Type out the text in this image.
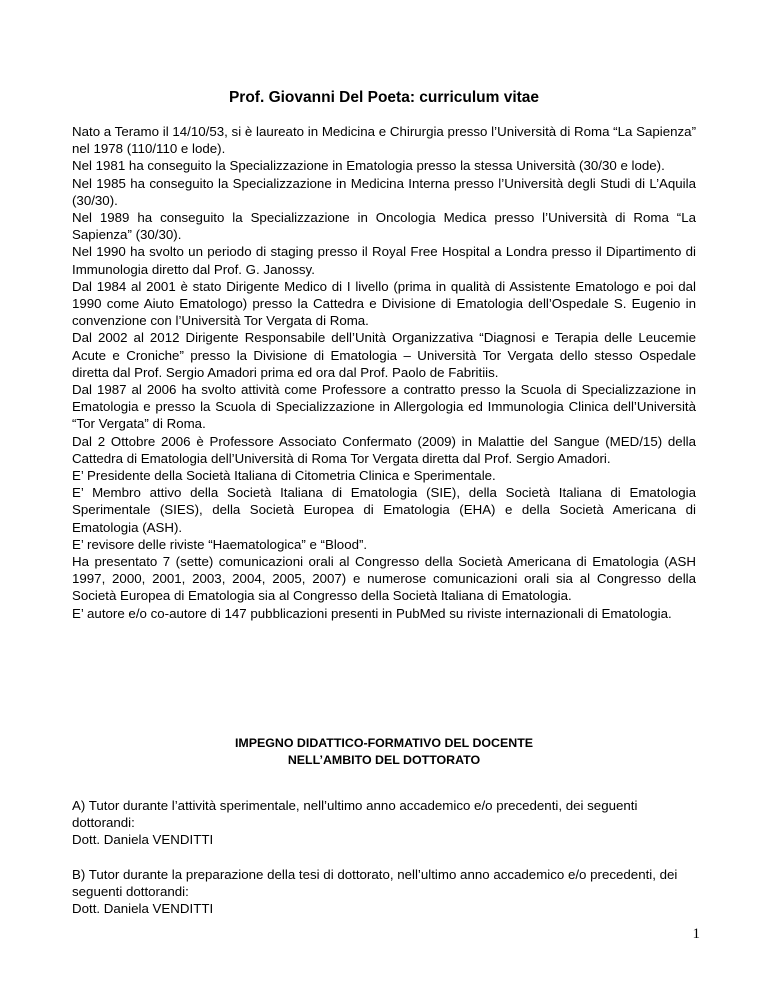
Prof. Giovanni Del Poeta: curriculum vitae

Nato a Teramo il 14/10/53, si è laureato in Medicina e Chirurgia presso l’Università di Roma “La Sapienza” nel 1978 (110/110 e lode).

Nel 1981 ha conseguito la Specializzazione in Ematologia presso la stessa Università (30/30 e lode).

Nel 1985 ha conseguito la Specializzazione in Medicina Interna presso l’Università degli Studi di L’Aquila (30/30).

Nel 1989 ha conseguito la Specializzazione in Oncologia Medica presso l’Università di Roma “La Sapienza” (30/30).

Nel 1990 ha svolto un periodo di staging presso il Royal Free Hospital a Londra presso il Dipartimento di Immunologia diretto dal Prof. G. Janossy.

Dal 1984 al 2001 è stato Dirigente Medico di I livello (prima in qualità di Assistente Ematologo e poi dal 1990 come Aiuto Ematologo) presso la Cattedra e Divisione di Ematologia dell’Ospedale S. Eugenio in convenzione con l’Università Tor Vergata di Roma.

Dal 2002 al 2012 Dirigente Responsabile dell’Unità Organizzativa “Diagnosi e Terapia delle Leucemie Acute e Croniche” presso la Divisione di Ematologia – Università Tor Vergata dello stesso Ospedale diretta dal Prof. Sergio Amadori prima ed ora dal Prof. Paolo de Fabritiis.

Dal 1987 al 2006 ha svolto attività come Professore a contratto presso la Scuola di Specializzazione in Ematologia e presso la Scuola di Specializzazione in Allergologia ed Immunologia Clinica dell’Università “Tor Vergata” di Roma.

Dal 2 Ottobre 2006 è Professore Associato Confermato (2009) in Malattie del Sangue (MED/15) della Cattedra di Ematologia dell’Università di Roma Tor Vergata diretta dal Prof. Sergio Amadori.

E’ Presidente della Società Italiana di Citometria Clinica e Sperimentale.

E’ Membro attivo della Società Italiana di Ematologia (SIE), della Società Italiana di Ematologia Sperimentale (SIES), della Società Europea di Ematologia (EHA) e della Società Americana di Ematologia (ASH).

E’ revisore delle riviste “Haematologica” e “Blood”.

Ha presentato 7 (sette) comunicazioni orali al Congresso della Società Americana di Ematologia (ASH 1997, 2000, 2001, 2003, 2004, 2005, 2007) e numerose comunicazioni orali sia al Congresso della Società Europea di Ematologia sia al Congresso della Società Italiana di Ematologia.

E’ autore e/o co-autore di 147 pubblicazioni presenti in PubMed su riviste internazionali di Ematologia.

IMPEGNO DIDATTICO-FORMATIVO DEL DOCENTE
NELL’AMBITO DEL DOTTORATO

A) Tutor durante l’attività sperimentale, nell’ultimo anno accademico e/o precedenti, dei seguenti dottorandi:

Dott. Daniela VENDITTI

B) Tutor durante la preparazione della tesi di dottorato, nell’ultimo anno accademico e/o precedenti, dei seguenti dottorandi:

Dott. Daniela VENDITTI

1
